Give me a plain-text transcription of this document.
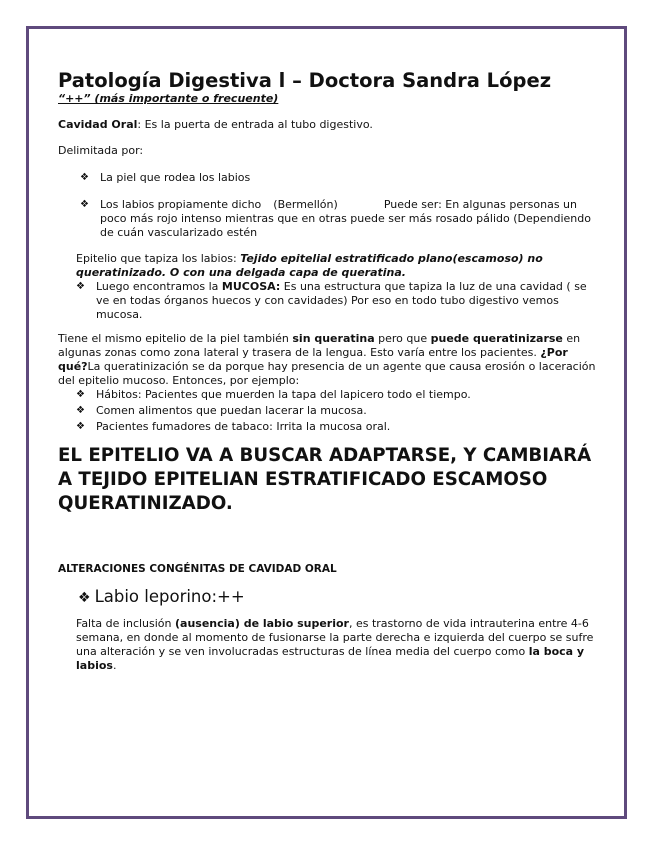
Patología Digestiva l – Doctora Sandra López

“++” (más importante o frecuente)

Cavidad Oral: Es la puerta de entrada al tubo digestivo.

Delimitada por:

❖ La piel que rodea los labios
❖ Los labios propiamente dicho (Bermellón)	Puede ser: En algunas personas un poco más rojo intenso mientras que en otras puede ser más rosado pálido (Dependiendo de cuán vascularizado estén

Epitelio que tapiza los labios: Tejido epitelial estratificado plano(escamoso) no queratinizado. O con una delgada capa de queratina.

❖ Luego encontramos la MUCOSA: Es una estructura que tapiza la luz de una cavidad ( se ve en todas órganos huecos y con cavidades) Por eso en todo tubo digestivo vemos mucosa.

Tiene el mismo epitelio de la piel también sin queratina pero que puede queratinizarse en algunas zonas como zona lateral y trasera de la lengua. Esto varía entre los pacientes. ¿Por qué?La queratinización se da porque hay presencia de un agente que causa erosión o laceración del epitelio mucoso. Entonces, por ejemplo:

❖ Hábitos: Pacientes que muerden la tapa del lapicero todo el tiempo.
❖ Comen alimentos que puedan lacerar la mucosa.
❖ Pacientes fumadores de tabaco: Irrita la mucosa oral.

EL EPITELIO VA A BUSCAR ADAPTARSE, Y CAMBIARÁ A TEJIDO EPITELIAN ESTRATIFICADO ESCAMOSO QUERATINIZADO.

ALTERACIONES CONGÉNITAS DE CAVIDAD ORAL

❖ Labio leporino:++

Falta de inclusión (ausencia) de labio superior, es trastorno de vida intrauterina entre 4-6 semana, en donde al momento de fusionarse la parte derecha e izquierda del cuerpo se sufre una alteración y se ven involucradas estructuras de línea media del cuerpo como la boca y labios.
